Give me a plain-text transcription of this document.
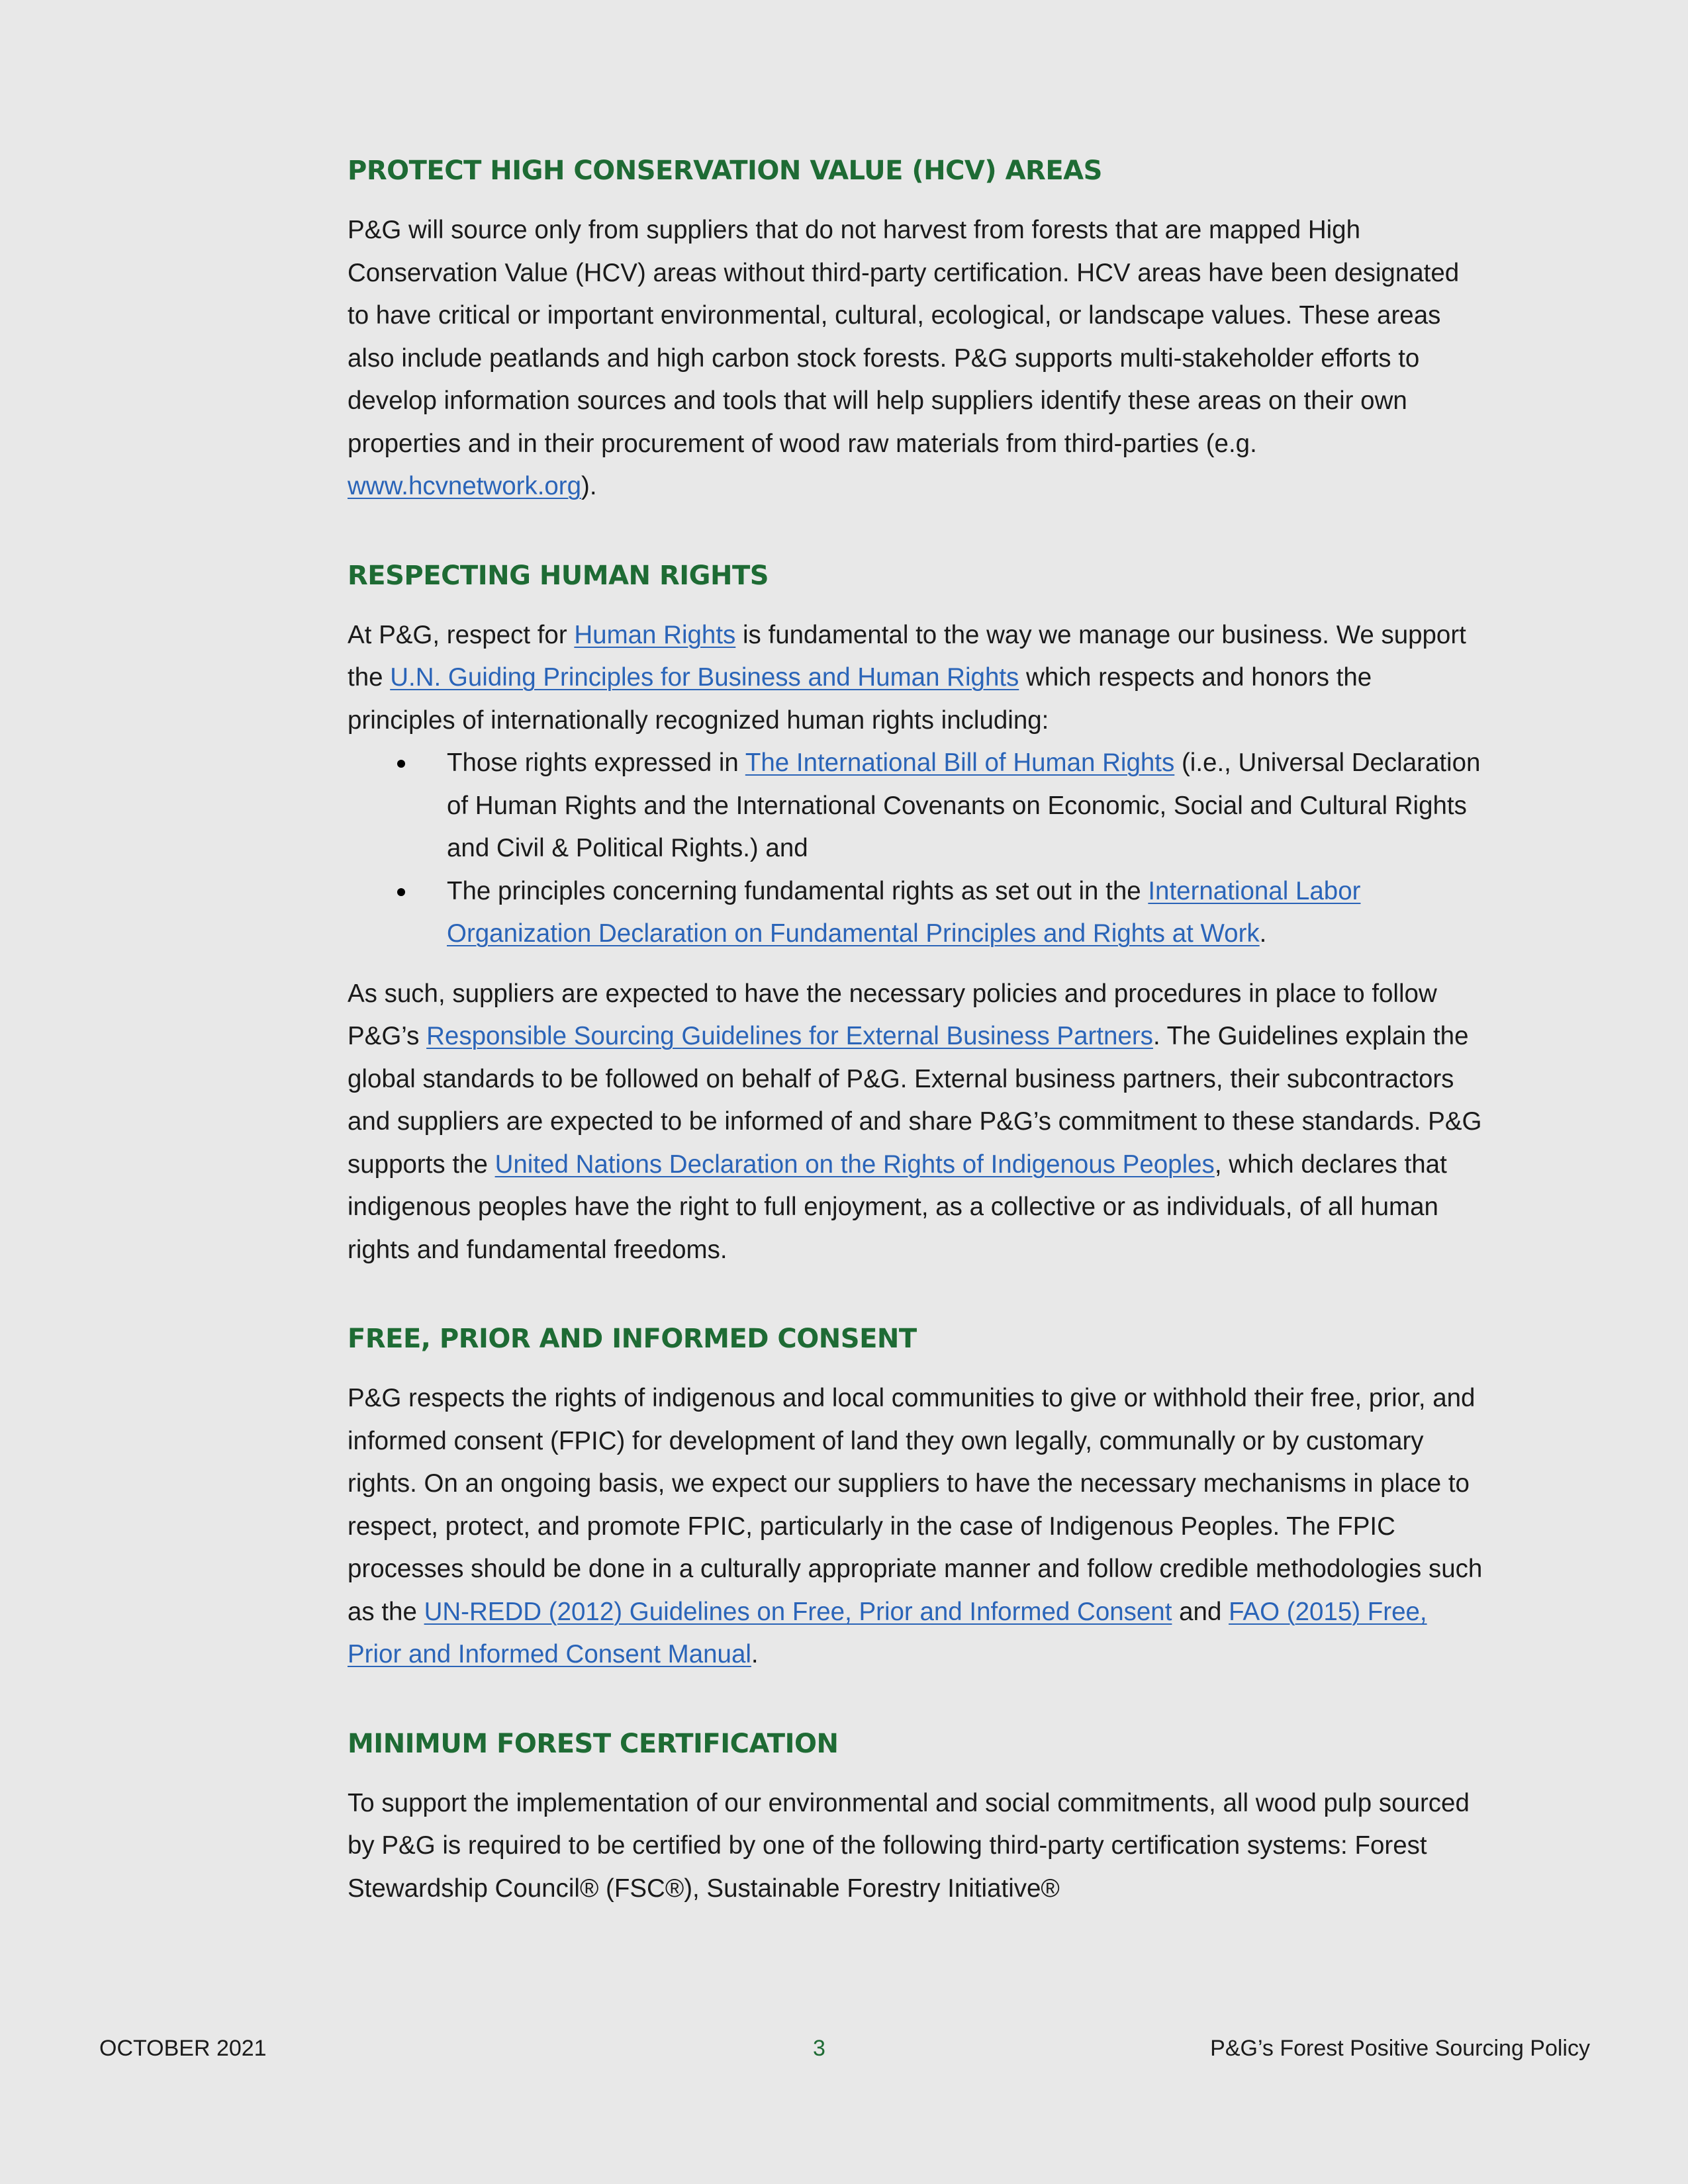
PROTECT HIGH CONSERVATION VALUE (HCV) AREAS

P&G will source only from suppliers that do not harvest from forests that are mapped High Conservation Value (HCV) areas without third-party certification. HCV areas have been designated to have critical or important environmental, cultural, ecological, or landscape values. These areas also include peatlands and high carbon stock forests. P&G supports multi-stakeholder efforts to develop information sources and tools that will help suppliers identify these areas on their own properties and in their procurement of wood raw materials from third-parties (e.g. www.hcvnetwork.org).

RESPECTING HUMAN RIGHTS

At P&G, respect for Human Rights is fundamental to the way we manage our business. We support the U.N. Guiding Principles for Business and Human Rights which respects and honors the principles of internationally recognized human rights including:

Those rights expressed in The International Bill of Human Rights (i.e., Universal Declaration of Human Rights and the International Covenants on Economic, Social and Cultural Rights and Civil & Political Rights.) and
The principles concerning fundamental rights as set out in the International Labor Organization Declaration on Fundamental Principles and Rights at Work.

As such, suppliers are expected to have the necessary policies and procedures in place to follow P&G’s Responsible Sourcing Guidelines for External Business Partners. The Guidelines explain the global standards to be followed on behalf of P&G. External business partners, their subcontractors and suppliers are expected to be informed of and share P&G’s commitment to these standards. P&G supports the United Nations Declaration on the Rights of Indigenous Peoples, which declares that indigenous peoples have the right to full enjoyment, as a collective or as individuals, of all human rights and fundamental freedoms.

FREE, PRIOR AND INFORMED CONSENT

P&G respects the rights of indigenous and local communities to give or withhold their free, prior, and informed consent (FPIC) for development of land they own legally, communally or by customary rights. On an ongoing basis, we expect our suppliers to have the necessary mechanisms in place to respect, protect, and promote FPIC, particularly in the case of Indigenous Peoples. The FPIC processes should be done in a culturally appropriate manner and follow credible methodologies such as the UN-REDD (2012) Guidelines on Free, Prior and Informed Consent and FAO (2015) Free, Prior and Informed Consent Manual.

MINIMUM FOREST CERTIFICATION

To support the implementation of our environmental and social commitments, all wood pulp sourced by P&G is required to be certified by one of the following third-party certification systems: Forest Stewardship Council® (FSC®), Sustainable Forestry Initiative®

OCTOBER 2021	3	P&G’s Forest Positive Sourcing Policy
